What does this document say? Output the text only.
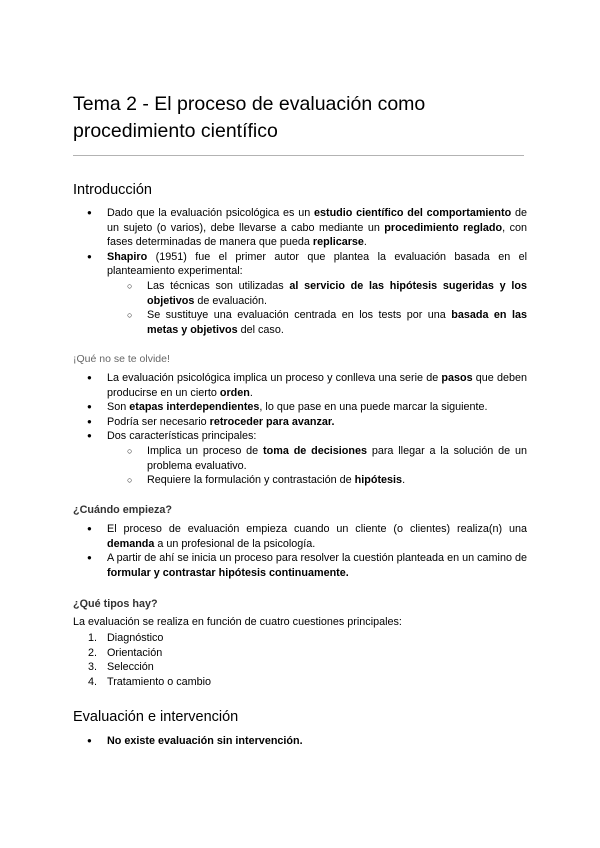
Tema 2 - El proceso de evaluación como procedimiento científico
Introducción
● Dado que la evaluación psicológica es un estudio científico del comportamiento de un sujeto (o varios), debe llevarse a cabo mediante un procedimiento reglado, con fases determinadas de manera que pueda replicarse.
● Shapiro (1951) fue el primer autor que plantea la evaluación basada en el planteamiento experimental:
○ Las técnicas son utilizadas al servicio de las hipótesis sugeridas y los objetivos de evaluación.
○ Se sustituye una evaluación centrada en los tests por una basada en las metas y objetivos del caso.

¡Qué no se te olvide!

● La evaluación psicológica implica un proceso y conlleva una serie de pasos que deben producirse en un cierto orden.
● Son etapas interdependientes, lo que pase en una puede marcar la siguiente.
● Podría ser necesario retroceder para avanzar.
● Dos características principales:
○ Implica un proceso de toma de decisiones para llegar a la solución de un problema evaluativo.
○ Requiere la formulación y contrastación de hipótesis.
¿Cuándo empieza?
● El proceso de evaluación empieza cuando un cliente (o clientes) realiza(n) una demanda a un profesional de la psicología.
● A partir de ahí se inicia un proceso para resolver la cuestión planteada en un camino de formular y contrastar hipótesis continuamente.
¿Qué tipos hay?

La evaluación se realiza en función de cuatro cuestiones principales:

1. Diagnóstico
2. Orientación
3. Selección
4. Tratamiento o cambio
Evaluación e intervención
● No existe evaluación sin intervención.
